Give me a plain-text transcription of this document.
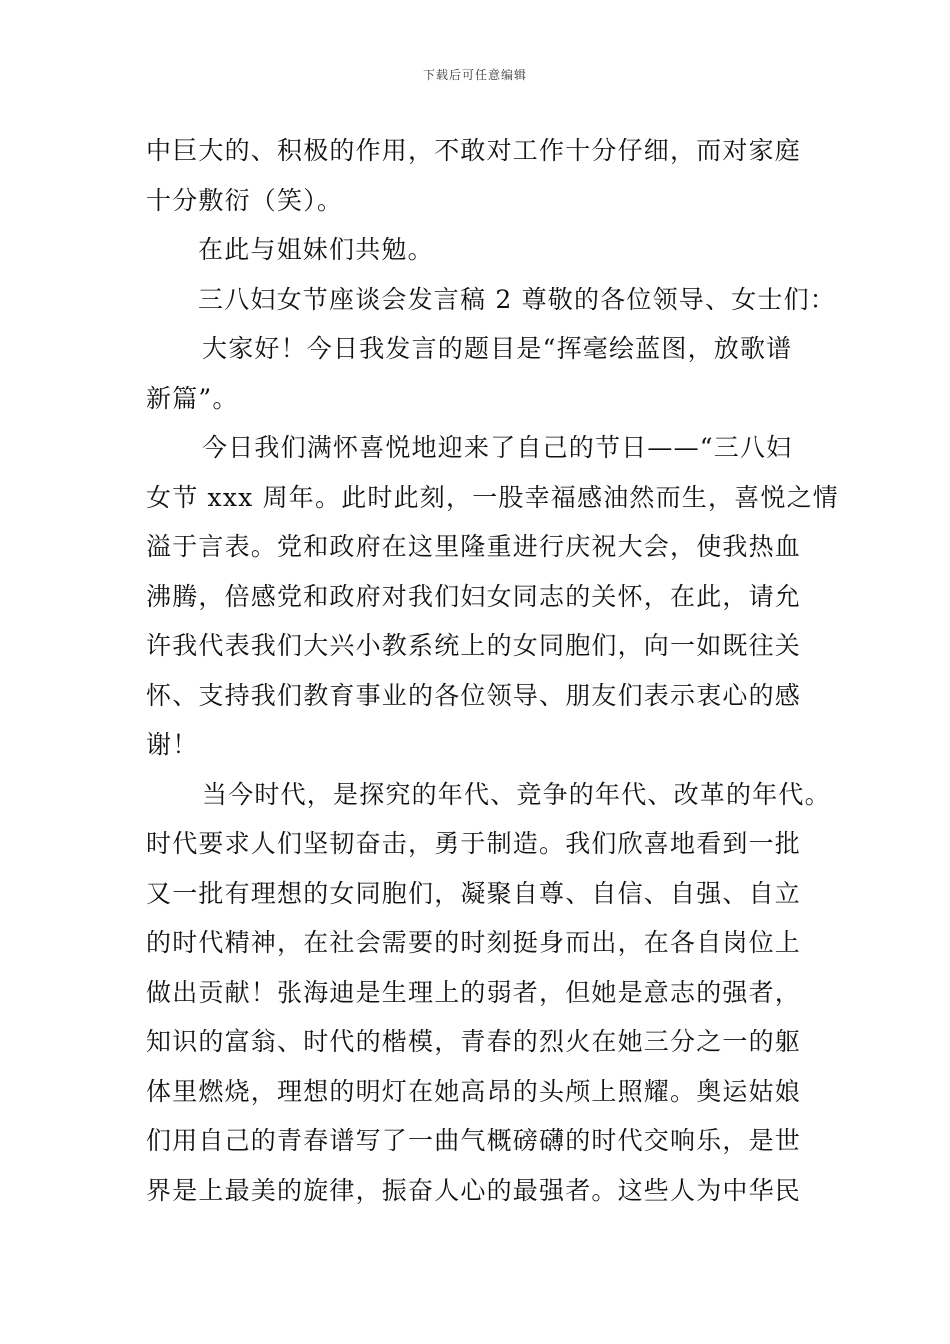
下载后可任意编辑
中巨大的、积极的作用，不敢对工作十分仔细，而对家庭
十分敷衍（笑）。
在此与姐妹们共勉。
三八妇女节座谈会发言稿 2 尊敬的各位领导、女士们：
大家好！今日我发言的题目是“挥毫绘蓝图，放歌谱
新篇”。
今日我们满怀喜悦地迎来了自己的节日——“三八妇
女节 xxx 周年。此时此刻，一股幸福感油然而生，喜悦之情
溢于言表。党和政府在这里隆重进行庆祝大会，使我热血
沸腾，倍感党和政府对我们妇女同志的关怀，在此，请允
许我代表我们大兴小教系统上的女同胞们，向一如既往关
怀、支持我们教育事业的各位领导、朋友们表示衷心的感
谢！
当今时代，是探究的年代、竞争的年代、改革的年代。
时代要求人们坚韧奋击，勇于制造。我们欣喜地看到一批
又一批有理想的女同胞们，凝聚自尊、自信、自强、自立
的时代精神，在社会需要的时刻挺身而出，在各自岗位上
做出贡献！张海迪是生理上的弱者，但她是意志的强者，
知识的富翁、时代的楷模，青春的烈火在她三分之一的躯
体里燃烧，理想的明灯在她高昂的头颅上照耀。奥运姑娘
们用自己的青春谱写了一曲气概磅礴的时代交响乐，是世
界是上最美的旋律，振奋人心的最强者。这些人为中华民
